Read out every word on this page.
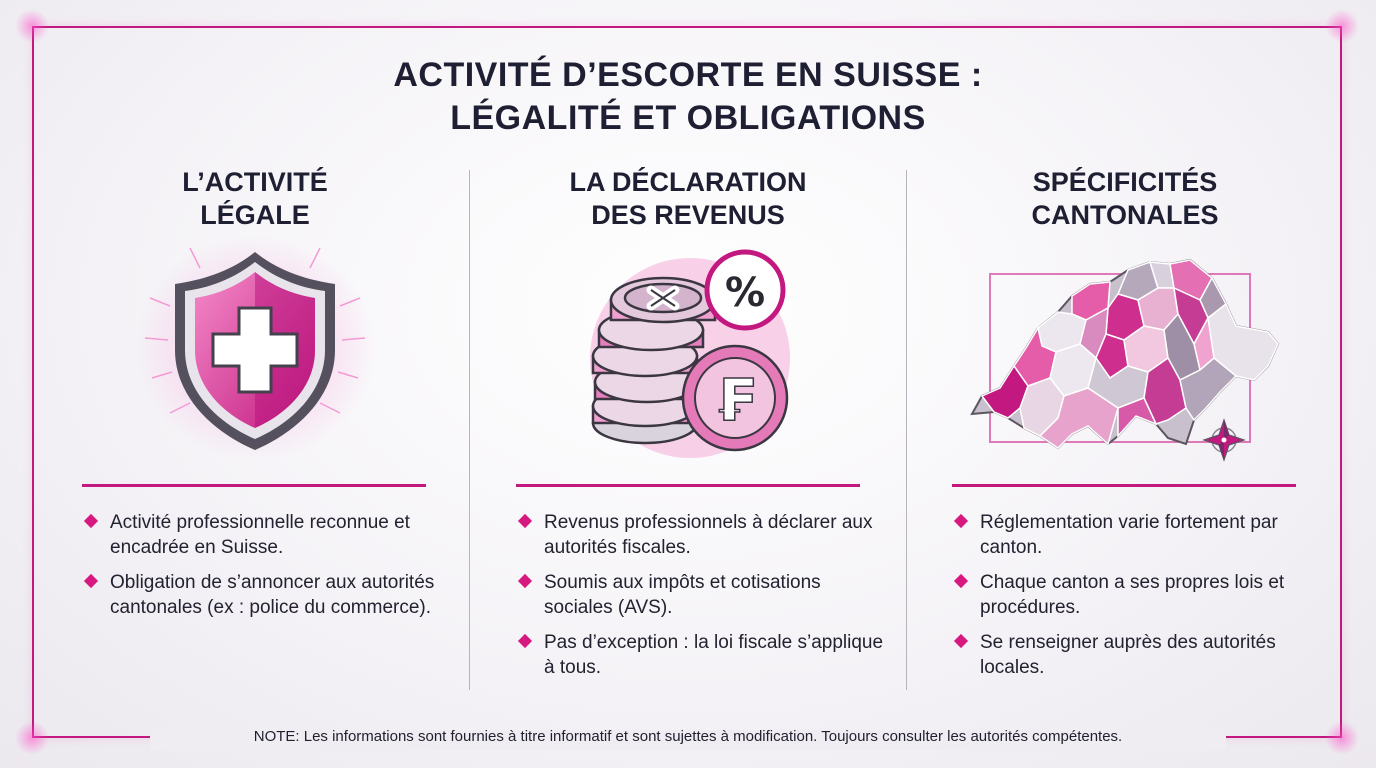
ACTIVITÉ D’ESCORTE EN SUISSE :
LÉGALITÉ ET OBLIGATIONS
L’ACTIVITÉ
LÉGALE
Activité professionnelle reconnue et encadrée en Suisse.
Obligation de s’annoncer aux autorités cantonales (ex : police du commerce).
LA DÉCLARATION
DES REVENUS
%
₣
Revenus professionnels à déclarer aux autorités fiscales.
Soumis aux impôts et cotisations sociales (AVS).
Pas d’exception : la loi fiscale s’applique à tous.
SPÉCIFICITÉS
CANTONALES
Réglementation varie fortement par canton.
Chaque canton a ses propres lois et procédures.
Se renseigner auprès des autorités locales.
NOTE: Les informations sont fournies à titre informatif et sont sujettes à modification. Toujours consulter les autorités compétentes.
